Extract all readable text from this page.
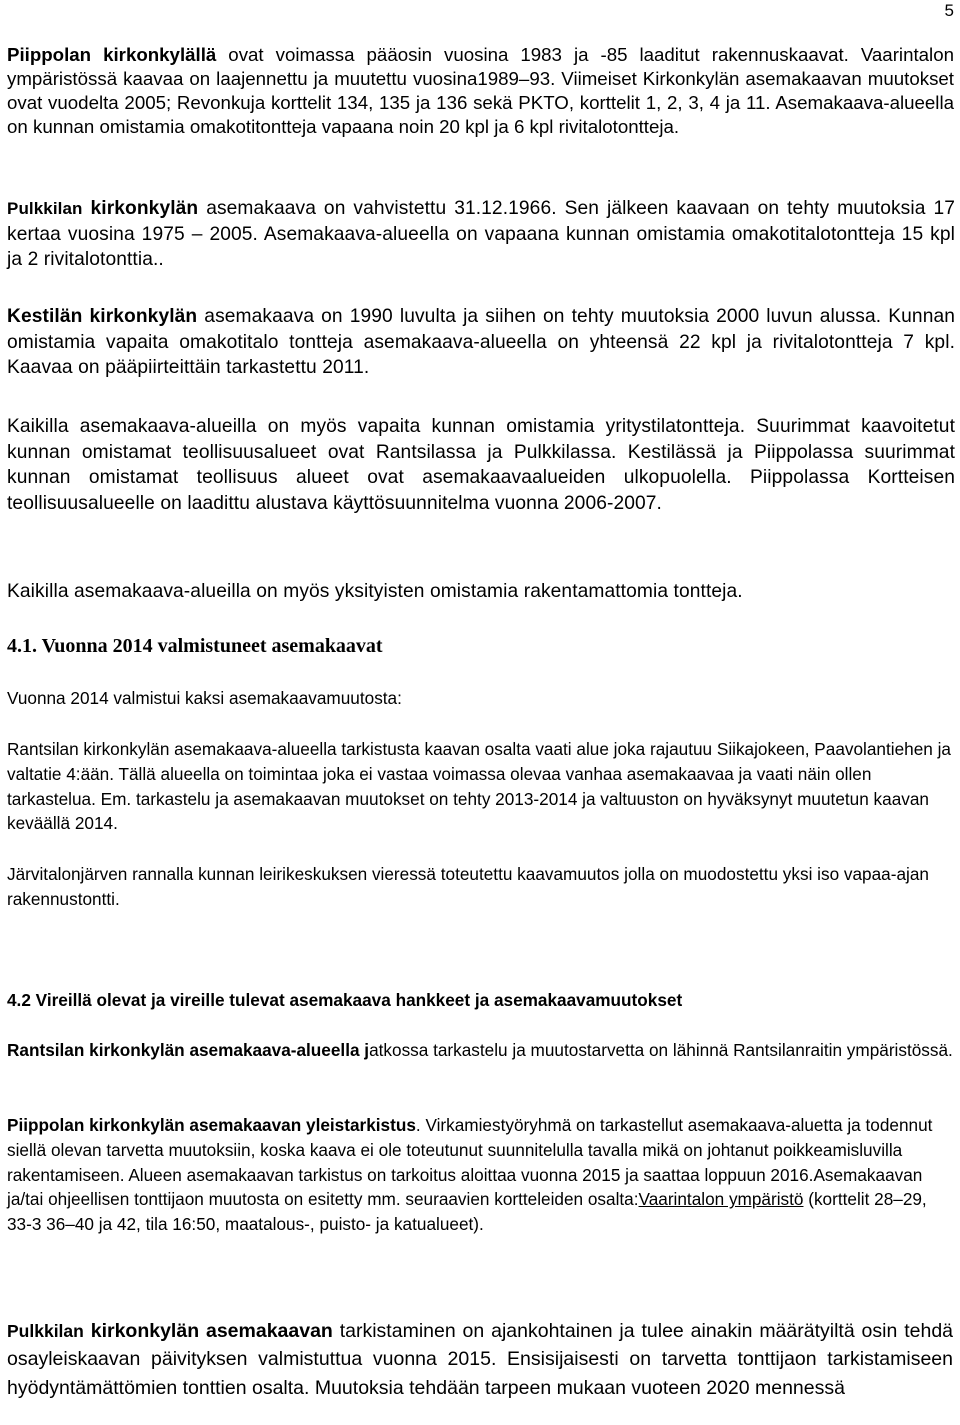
5

Piippolan kirkonkylällä ovat voimassa pääosin vuosina 1983 ja -85 laaditut rakennuskaavat. Vaarintalon ympäristössä kaavaa on laajennettu ja muutettu vuosina1989–93. Viimeiset Kirkonkylän asemakaavan muutokset ovat vuodelta 2005; Revonkuja korttelit 134, 135 ja 136 sekä PKTO, korttelit 1, 2, 3, 4 ja 11. Asemakaava-alueella on kunnan omistamia omakotitontteja vapaana noin 20 kpl ja 6 kpl rivitalotontteja.

Pulkkilan kirkonkylän asemakaava on vahvistettu 31.12.1966. Sen jälkeen kaavaan on tehty muutoksia 17 kertaa vuosina 1975 – 2005. Asemakaava-alueella on vapaana kunnan omistamia omakotitalotontteja 15 kpl ja 2 rivitalotonttia..

Kestilän kirkonkylän asemakaava on 1990 luvulta ja siihen on tehty muutoksia 2000 luvun alussa. Kunnan omistamia vapaita omakotitalo tontteja asemakaava-alueella on yhteensä 22 kpl ja rivitalotontteja 7 kpl. Kaavaa on pääpiirteittäin tarkastettu 2011.

Kaikilla asemakaava-alueilla on myös vapaita kunnan omistamia yritystilatontteja. Suurimmat kaavoitetut kunnan omistamat teollisuusalueet ovat Rantsilassa ja Pulkkilassa. Kestilässä ja Piippolassa suurimmat kunnan omistamat teollisuus alueet ovat asemakaavaalueiden ulkopuolella. Piippolassa Kortteisen teollisuusalueelle on laadittu alustava käyttösuunnitelma vuonna 2006-2007.

Kaikilla asemakaava-alueilla on myös yksityisten omistamia rakentamattomia tontteja.

4.1. Vuonna 2014 valmistuneet asemakaavat

Vuonna 2014 valmistui kaksi asemakaavamuutosta:

Rantsilan kirkonkylän asemakaava-alueella tarkistusta kaavan osalta vaati alue joka rajautuu Siikajokeen, Paavolantiehen ja valtatie 4:ään. Tällä alueella on toimintaa joka ei vastaa voimassa olevaa vanhaa asemakaavaa ja vaati näin ollen tarkastelua. Em. tarkastelu ja asemakaavan muutokset on tehty 2013-2014 ja valtuuston on hyväksynyt muutetun kaavan keväällä 2014.

Järvitalonjärven rannalla kunnan leirikeskuksen vieressä toteutettu kaavamuutos jolla on muodostettu yksi iso vapaa-ajan rakennustontti.

4.2 Vireillä olevat ja vireille tulevat asemakaava hankkeet ja asemakaavamuutokset

Rantsilan kirkonkylän asemakaava-alueella jatkossa tarkastelu ja muutostarvetta on lähinnä Rantsilanraitin ympäristössä.

Piippolan kirkonkylän asemakaavan yleistarkistus. Virkamiestyöryhmä on tarkastellut asemakaava-aluetta ja todennut siellä olevan tarvetta muutoksiin, koska kaava ei ole toteutunut suunnitelulla tavalla mikä on johtanut poikkeamisluvilla rakentamiseen. Alueen asemakaavan tarkistus on tarkoitus aloittaa vuonna 2015 ja saattaa loppuun 2016.Asemakaavan ja/tai ohjeellisen tonttijaon muutosta on esitetty mm. seuraavien kortteleiden osalta:Vaarintalon ympäristö (korttelit 28–29, 33-3 36–40 ja 42, tila 16:50, maatalous-, puisto- ja katualueet).

Pulkkilan kirkonkylän asemakaavan tarkistaminen on ajankohtainen ja tulee ainakin määrätyiltä osin tehdä osayleiskaavan päivityksen valmistuttua vuonna 2015. Ensisijaisesti on tarvetta tonttijaon tarkistamiseen hyödyntämättömien tonttien osalta. Muutoksia tehdään tarpeen mukaan vuoteen 2020 mennessä
